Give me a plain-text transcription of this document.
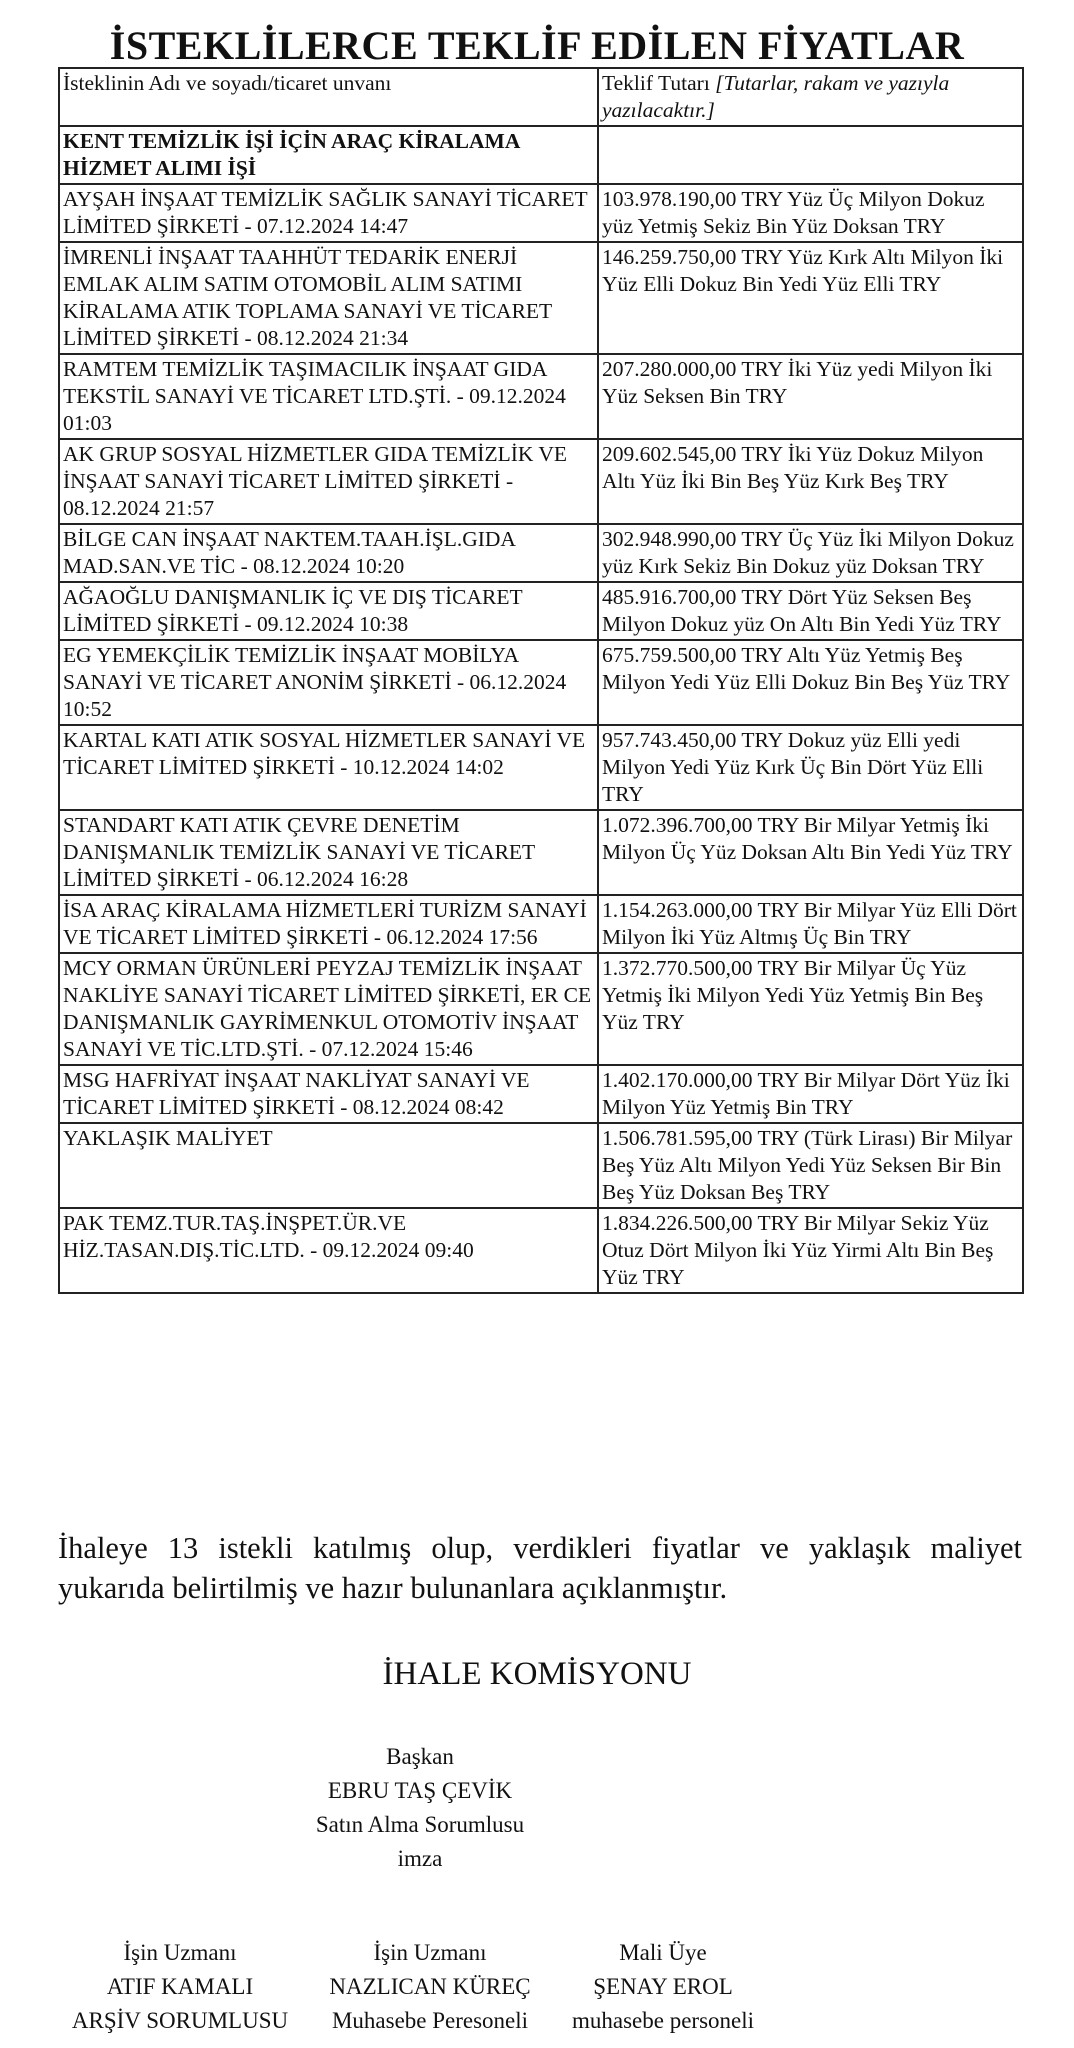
İSTEKLİLERCE TEKLİF EDİLEN FİYATLAR
İsteklinin Adı ve soyadı/ticaret unvanı	Teklif Tutarı [Tutarlar, rakam ve yazıyla yazılacaktır.]
KENT TEMİZLİK İŞİ İÇİN ARAÇ KİRALAMA HİZMET ALIMI İŞİ	
AYŞAH İNŞAAT TEMİZLİK SAĞLIK SANAYİ TİCARET LİMİTED ŞİRKETİ - 07.12.2024 14:47	103.978.190,00 TRY Yüz Üç Milyon Dokuz yüz Yetmiş Sekiz Bin Yüz Doksan TRY
İMRENLİ İNŞAAT TAAHHÜT TEDARİK ENERJİ EMLAK ALIM SATIM OTOMOBİL ALIM SATIMI KİRALAMA ATIK TOPLAMA SANAYİ VE TİCARET LİMİTED ŞİRKETİ - 08.12.2024 21:34	146.259.750,00 TRY Yüz Kırk Altı Milyon İki Yüz Elli Dokuz Bin Yedi Yüz Elli TRY
RAMTEM TEMİZLİK TAŞIMACILIK İNŞAAT GIDA TEKSTİL SANAYİ VE TİCARET LTD.ŞTİ. - 09.12.2024 01:03	207.280.000,00 TRY İki Yüz yedi Milyon İki Yüz Seksen Bin TRY
AK GRUP SOSYAL HİZMETLER GIDA TEMİZLİK VE İNŞAAT SANAYİ TİCARET LİMİTED ŞİRKETİ - 08.12.2024 21:57	209.602.545,00 TRY İki Yüz Dokuz Milyon Altı Yüz İki Bin Beş Yüz Kırk Beş TRY
BİLGE CAN İNŞAAT NAKTEM.TAAH.İŞL.GIDA MAD.SAN.VE TİC - 08.12.2024 10:20	302.948.990,00 TRY Üç Yüz İki Milyon Dokuz yüz Kırk Sekiz Bin Dokuz yüz Doksan TRY
AĞAOĞLU DANIŞMANLIK İÇ VE DIŞ TİCARET LİMİTED ŞİRKETİ - 09.12.2024 10:38	485.916.700,00 TRY Dört Yüz Seksen Beş Milyon Dokuz yüz On Altı Bin Yedi Yüz TRY
EG YEMEKÇİLİK TEMİZLİK İNŞAAT MOBİLYA SANAYİ VE TİCARET ANONİM ŞİRKETİ - 06.12.2024 10:52	675.759.500,00 TRY Altı Yüz Yetmiş Beş Milyon Yedi Yüz Elli Dokuz Bin Beş Yüz TRY
KARTAL KATI ATIK SOSYAL HİZMETLER SANAYİ VE TİCARET LİMİTED ŞİRKETİ - 10.12.2024 14:02	957.743.450,00 TRY Dokuz yüz Elli yedi Milyon Yedi Yüz Kırk Üç Bin Dört Yüz Elli TRY
STANDART KATI ATIK ÇEVRE DENETİM DANIŞMANLIK TEMİZLİK SANAYİ VE TİCARET LİMİTED ŞİRKETİ - 06.12.2024 16:28	1.072.396.700,00 TRY Bir Milyar Yetmiş İki Milyon Üç Yüz Doksan Altı Bin Yedi Yüz TRY
İSA ARAÇ KİRALAMA HİZMETLERİ TURİZM SANAYİ VE TİCARET LİMİTED ŞİRKETİ - 06.12.2024 17:56	1.154.263.000,00 TRY Bir Milyar Yüz Elli Dört Milyon İki Yüz Altmış Üç Bin TRY
MCY ORMAN ÜRÜNLERİ PEYZAJ TEMİZLİK İNŞAAT NAKLİYE SANAYİ TİCARET LİMİTED ŞİRKETİ, ER CE DANIŞMANLIK GAYRİMENKUL OTOMOTİV İNŞAAT SANAYİ VE TİC.LTD.ŞTİ. - 07.12.2024 15:46	1.372.770.500,00 TRY Bir Milyar Üç Yüz Yetmiş İki Milyon Yedi Yüz Yetmiş Bin Beş Yüz TRY
MSG HAFRİYAT İNŞAAT NAKLİYAT SANAYİ VE TİCARET LİMİTED ŞİRKETİ - 08.12.2024 08:42	1.402.170.000,00 TRY Bir Milyar Dört Yüz İki Milyon Yüz Yetmiş Bin TRY
YAKLAŞIK MALİYET	1.506.781.595,00 TRY (Türk Lirası) Bir Milyar Beş Yüz Altı Milyon Yedi Yüz Seksen Bir Bin Beş Yüz Doksan Beş TRY
PAK TEMZ.TUR.TAŞ.İNŞPET.ÜR.VE HİZ.TASAN.DIŞ.TİC.LTD. - 09.12.2024 09:40	1.834.226.500,00 TRY Bir Milyar Sekiz Yüz Otuz Dört Milyon İki Yüz Yirmi Altı Bin Beş Yüz TRY
İhaleye 13 istekli katılmış olup, verdikleri fiyatlar ve yaklaşık maliyet yukarıda belirtilmiş ve hazır bulunanlara açıklanmıştır.
İHALE KOMİSYONU
Başkan
EBRU TAŞ ÇEVİK
Satın Alma Sorumlusu
imza
İşin Uzmanı
ATIF KAMALI
ARŞİV SORUMLUSU
İşin Uzmanı
NAZLICAN KÜREÇ
Muhasebe Peresoneli
Mali Üye
ŞENAY EROL
muhasebe personeli
